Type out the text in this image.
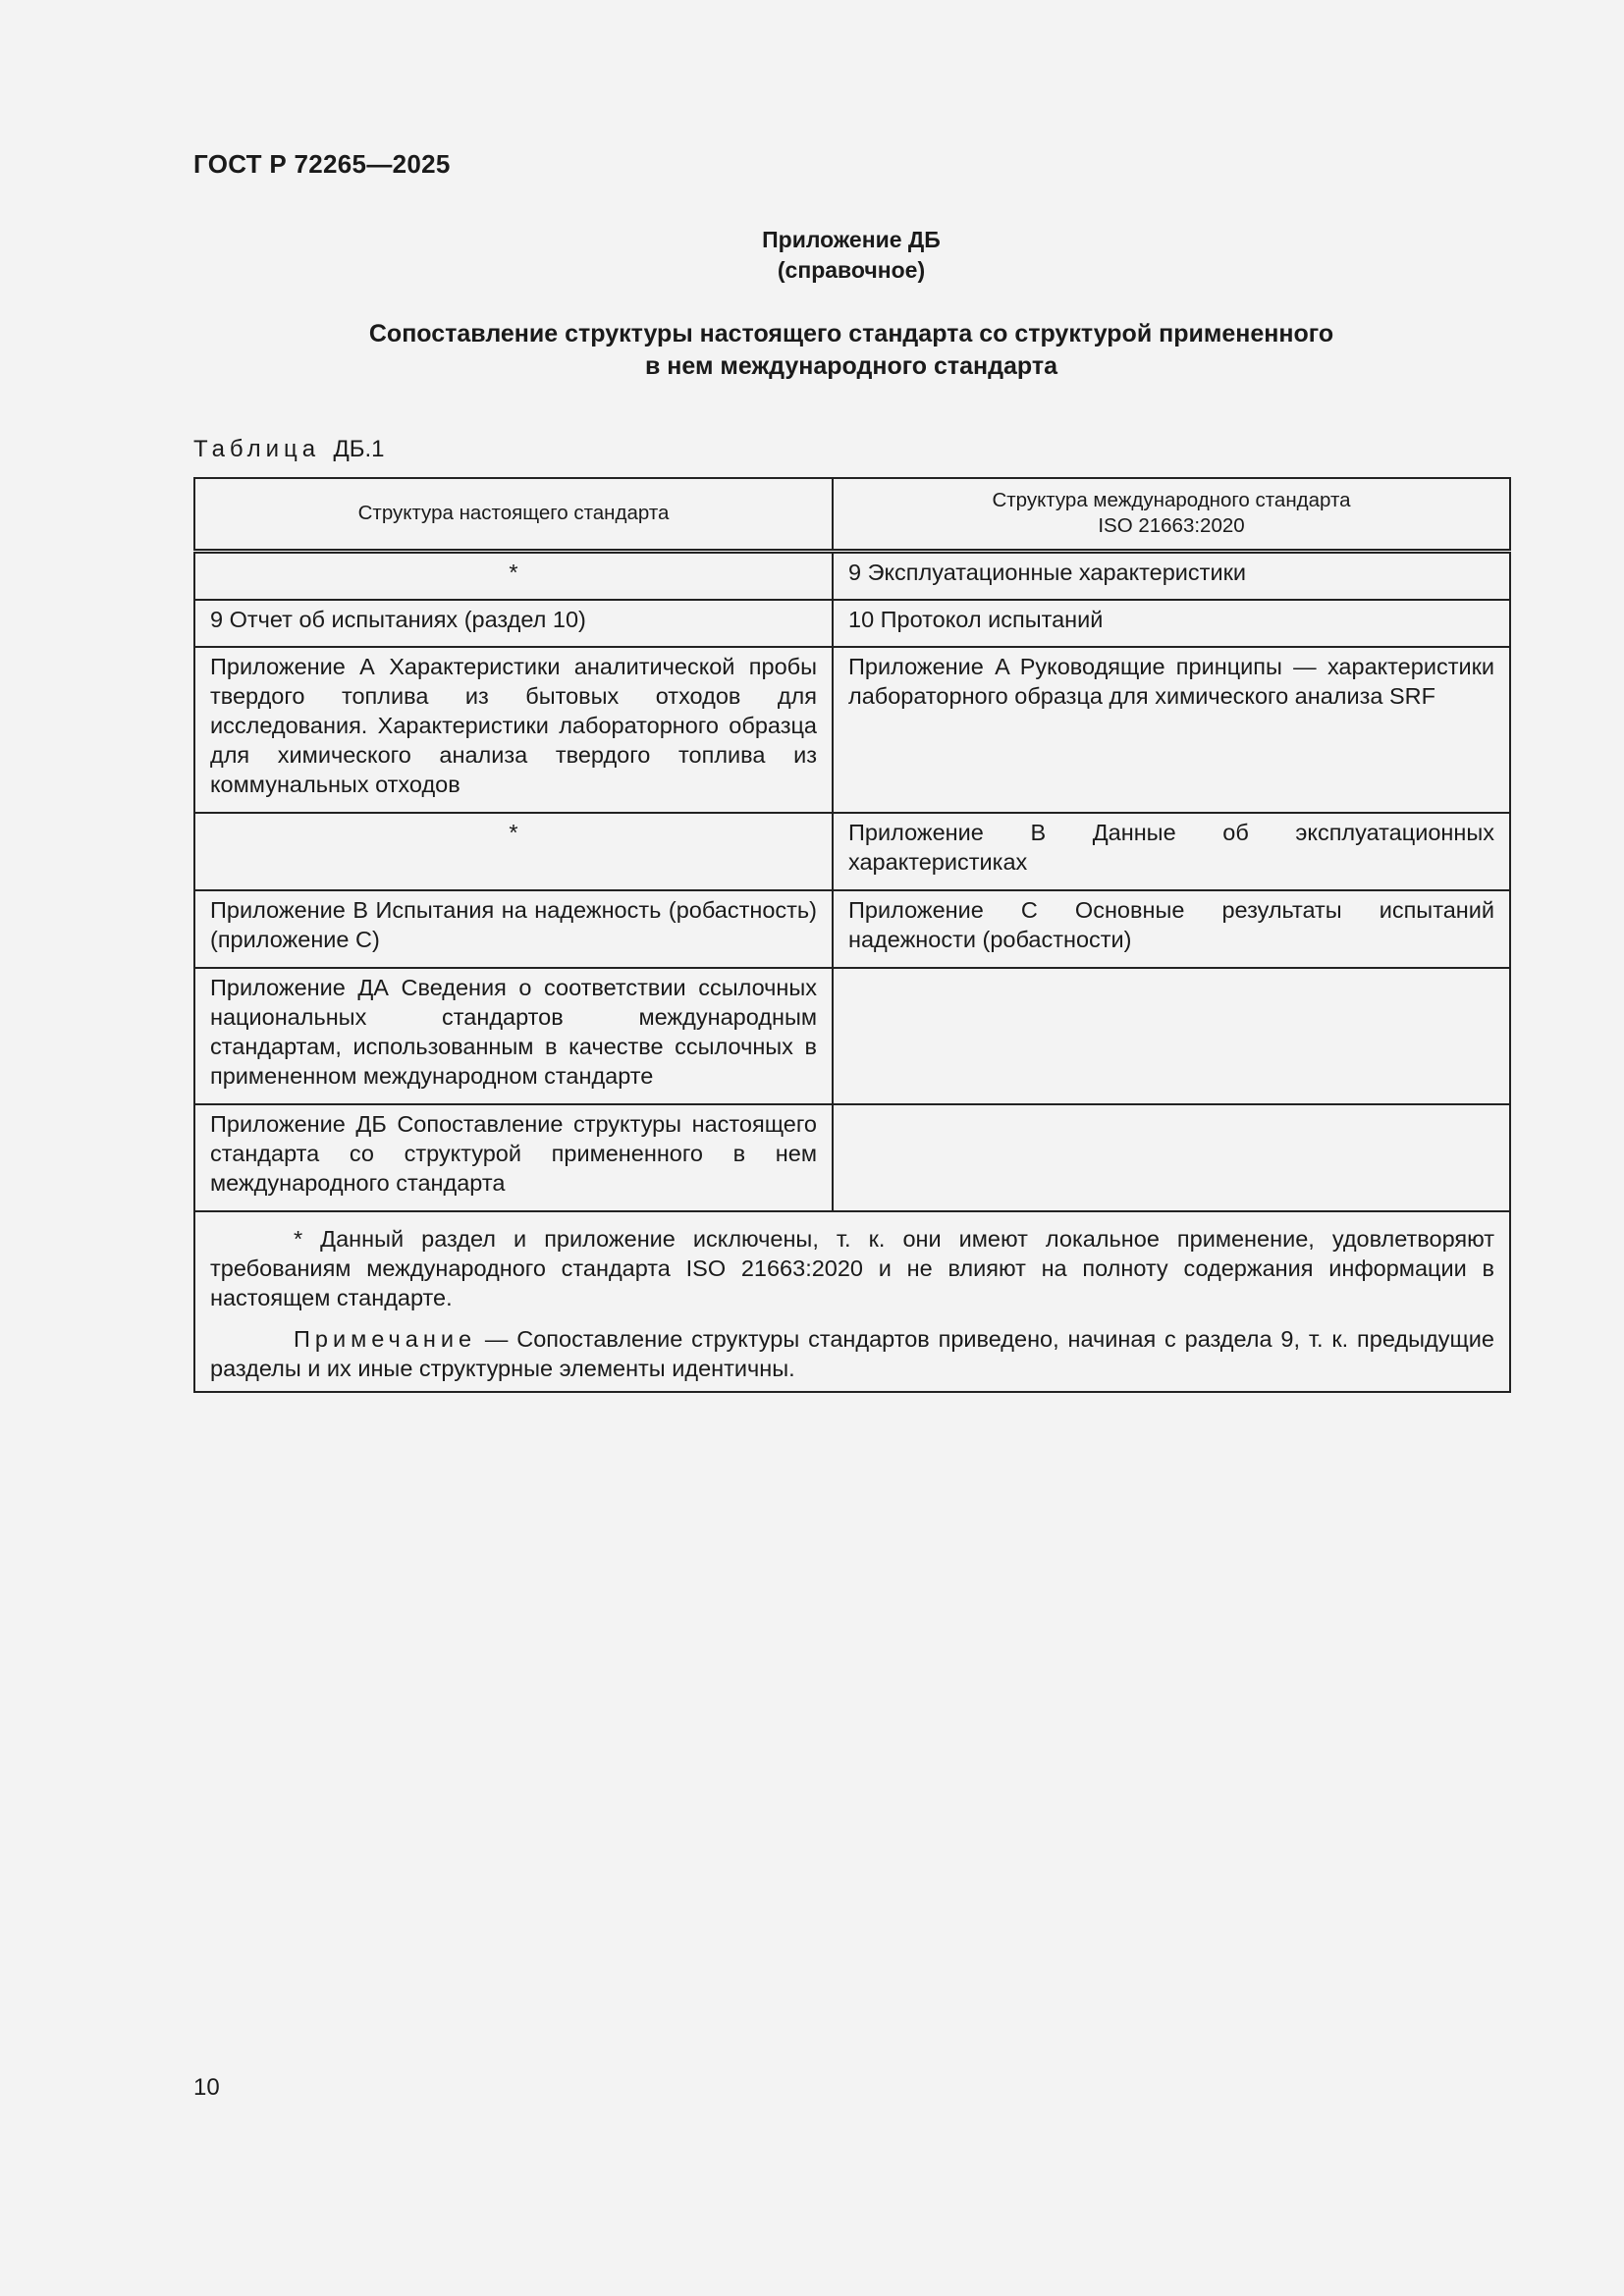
ГОСТ Р 72265—2025
Приложение ДБ
(справочное)
Сопоставление структуры настоящего стандарта со структурой примененного
в нем международного стандарта
Таблица ДБ.1
Структура настоящего стандарта	Структура международного стандарта
ISO 21663:2020

*	9 Эксплуатационные характеристики
9 Отчет об испытаниях (раздел 10)	10 Протокол испытаний
Приложение А Характеристики аналитической пробы твердого топлива из бытовых отходов для исследования. Характеристики лабораторного образца для химического анализа твердого топлива из коммунальных отходов	Приложение A Руководящие принципы — характеристики лабораторного образца для химического анализа SRF
*	Приложение B Данные об эксплуатационных характеристиках
Приложение В Испытания на надежность (робастность) (приложение С)	Приложение C Основные результаты испытаний надежности (робастности)
Приложение ДА Сведения о соответствии ссылочных национальных стандартов международным стандартам, использованным в качестве ссылочных в примененном международном стандарте	
Приложение ДБ Сопоставление структуры настоящего стандарта со структурой примененного в нем международного стандарта	

* Данный раздел и приложение исключены, т. к. они имеют локальное применение, удовлетворяют требованиям международного стандарта ISO 21663:2020 и не влияют на полноту содержания информации в настоящем стандарте.

Примечание — Сопоставление структуры стандартов приведено, начиная с раздела 9, т. к. предыдущие разделы и их иные структурные элементы идентичны.	

10
